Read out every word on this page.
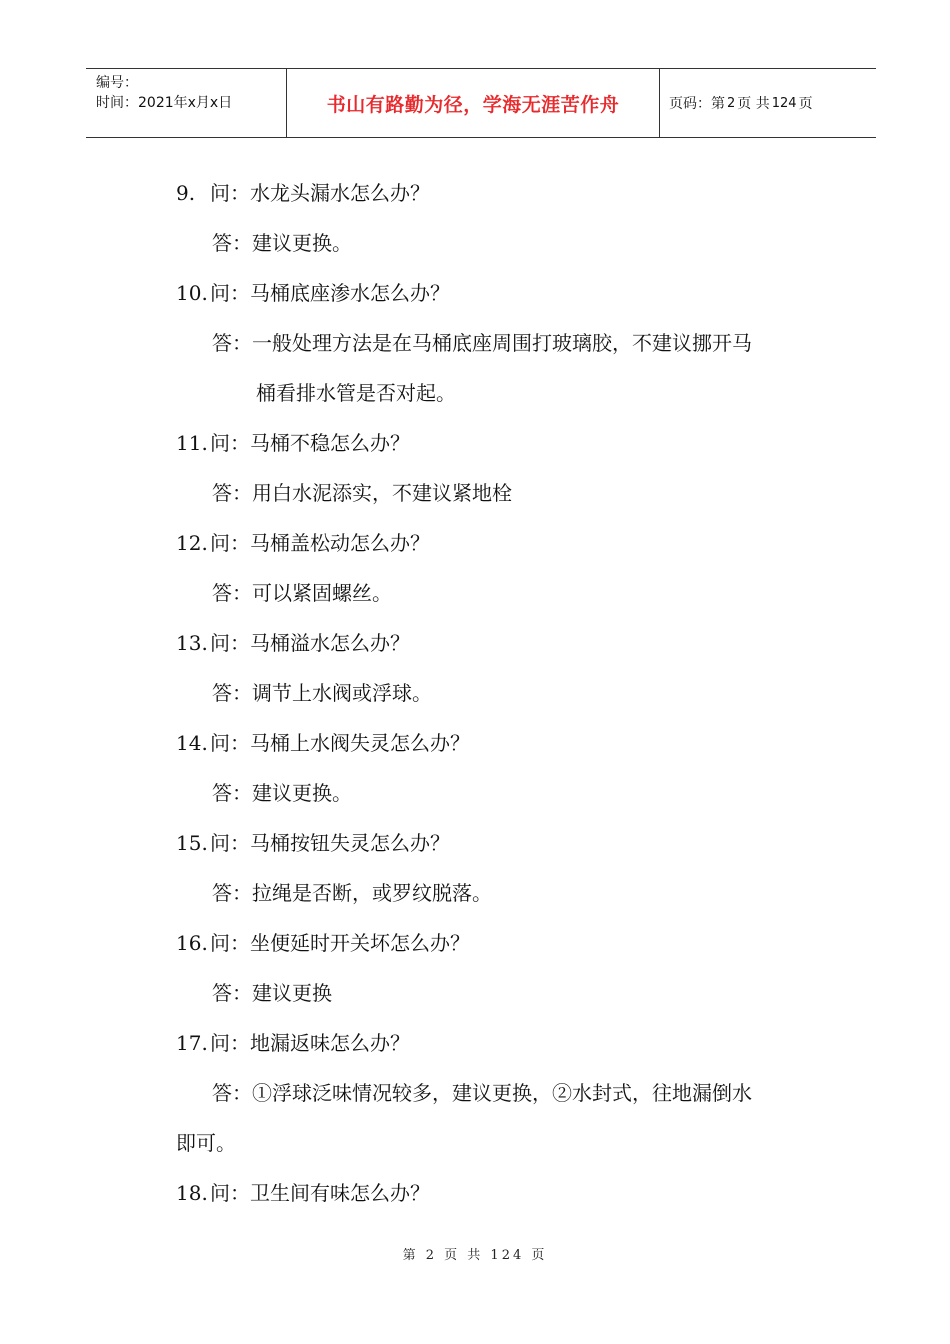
编号：
时间：2021年x月x日	书山有路勤为径，学海无涯苦作舟	页码：第 2 页 共 124 页
9. 问：水龙头漏水怎么办？
答：建议更换。
10. 问：马桶底座渗水怎么办？
答：一般处理方法是在马桶底座周围打玻璃胶，不建议挪开马
桶看排水管是否对起。
11. 问：马桶不稳怎么办？
答：用白水泥添实，不建议紧地栓
12. 问：马桶盖松动怎么办？
答：可以紧固螺丝。
13. 问：马桶溢水怎么办？
答：调节上水阀或浮球。
14. 问：马桶上水阀失灵怎么办？
答：建议更换。
15. 问：马桶按钮失灵怎么办？
答：拉绳是否断，或罗纹脱落。
16. 问：坐便延时开关坏怎么办？
答：建议更换
17. 问：地漏返味怎么办？
答：①浮球泛味情况较多，建议更换，②水封式，往地漏倒水
即可。
18. 问：卫生间有味怎么办？
第 2 页 共 124 页
